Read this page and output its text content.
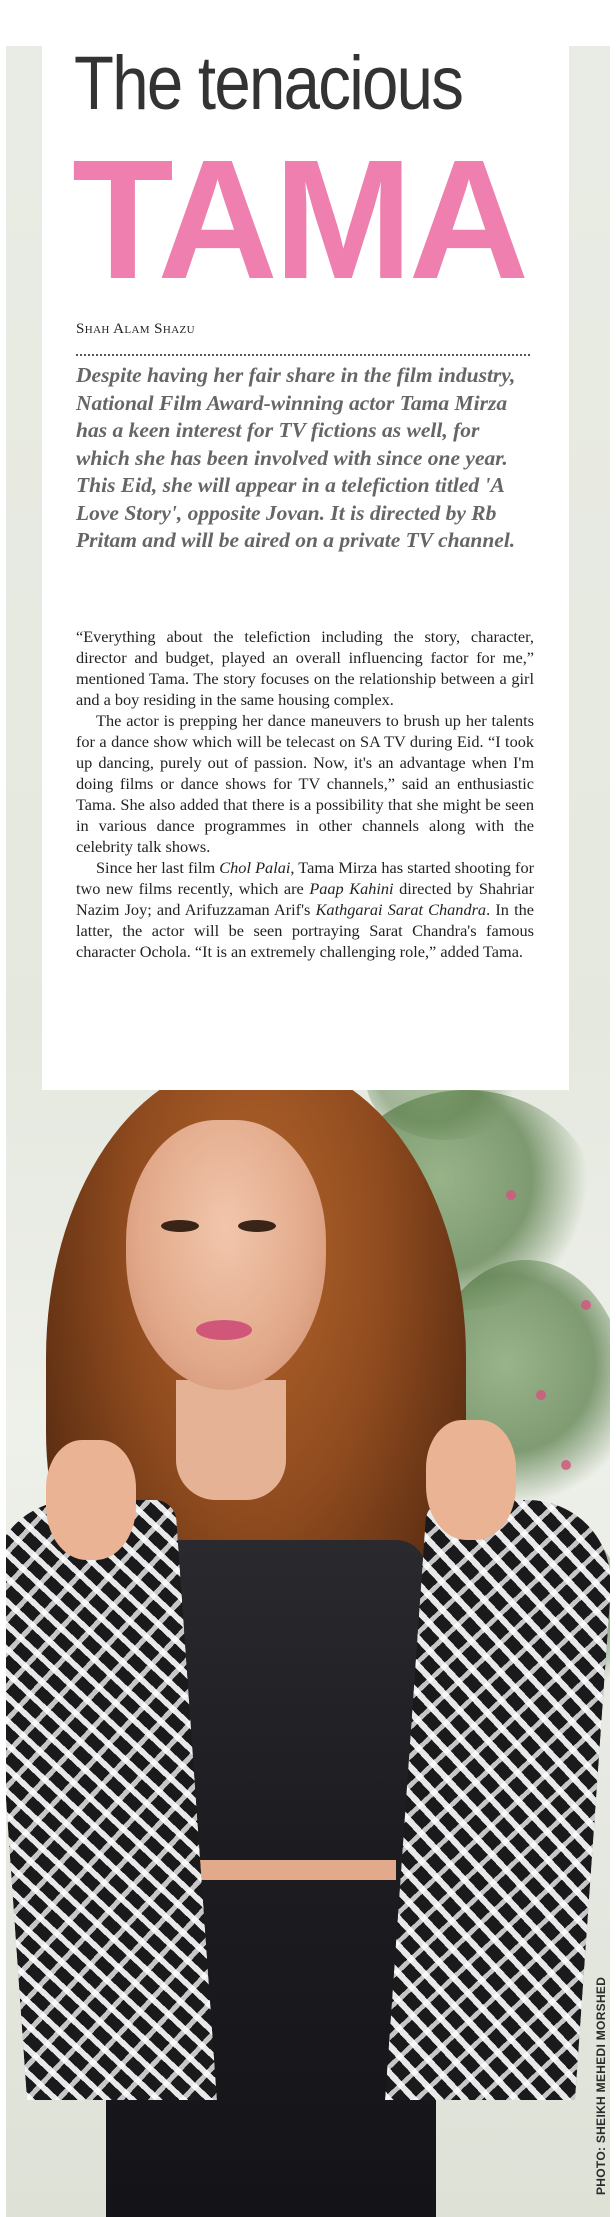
PHOTO: SHEIKH MEHEDI MORSHED
The tenacious
TAMA
Shah Alam Shazu

Despite having her fair share in the film industry, National Film Award-winning actor Tama Mirza has a keen interest for TV fictions as well, for which she has been involved with since one year. This Eid, she will appear in a telefiction titled 'A Love Story', opposite Jovan. It is directed by Rb Pritam and will be aired on a private TV channel.

“Everything about the telefiction including the story, character, director and budget, played an overall influencing factor for me,” mentioned Tama. The story focuses on the relationship between a girl and a boy residing in the same housing complex.

The actor is prepping her dance maneuvers to brush up her talents for a dance show which will be telecast on SA TV during Eid. “I took up dancing, purely out of passion. Now, it's an advantage when I'm doing films or dance shows for TV channels,” said an enthusiastic Tama. She also added that there is a possibility that she might be seen in various dance programmes in other channels along with the celebrity talk shows.

Since her last film Chol Palai, Tama Mirza has started shooting for two new films recently, which are Paap Kahini directed by Shahriar Nazim Joy; and Arifuzzaman Arif's Kathgarai Sarat Chandra. In the latter, the actor will be seen portraying Sarat Chandra's famous character Ochola. “It is an extremely challenging role,” added Tama.
